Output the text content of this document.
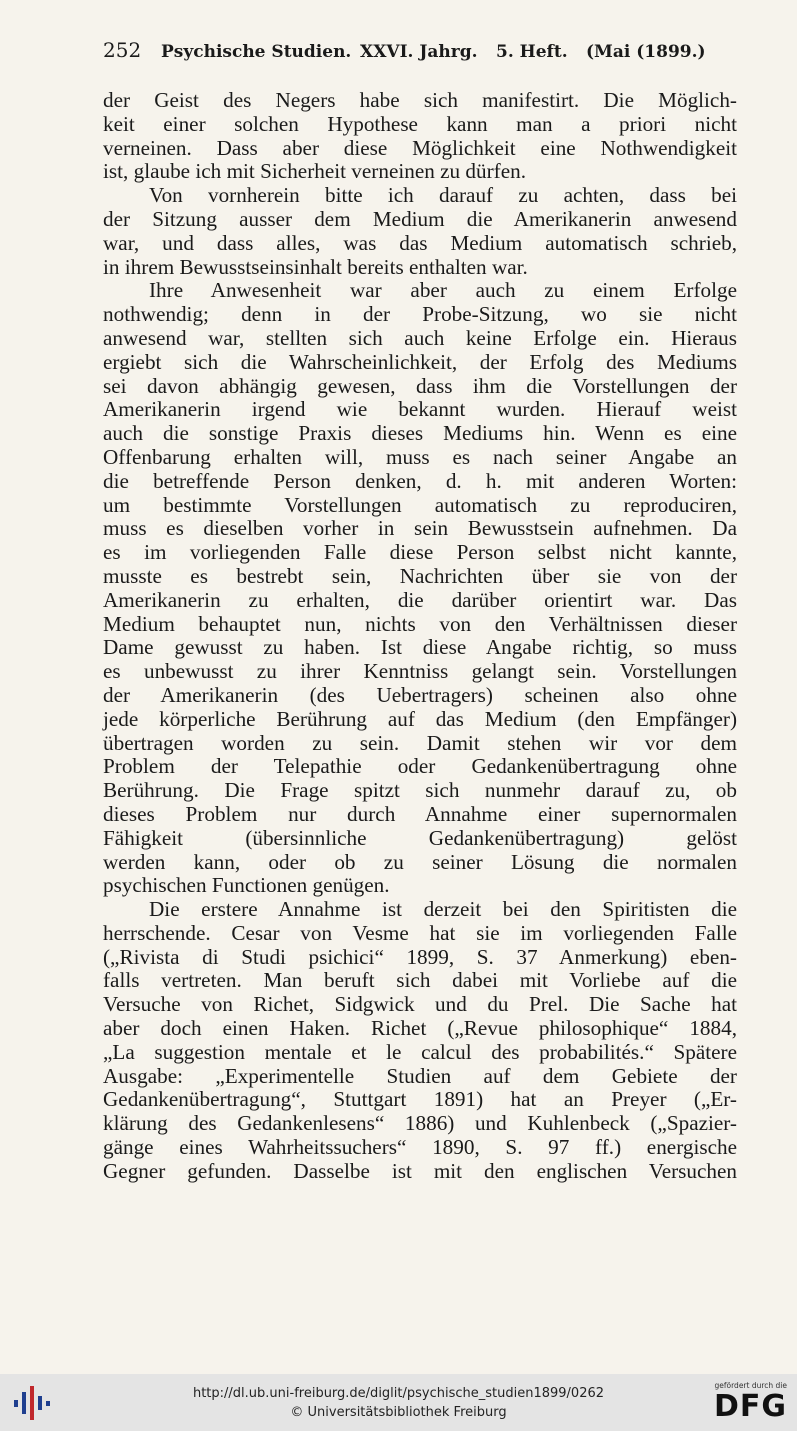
252 Psychische Studien. XXVI. Jahrg. 5. Heft. (Mai (1899.)
der Geist des Negers habe sich manifestirt. Die Möglich-
keit einer solchen Hypothese kann man a priori nicht
verneinen. Dass aber diese Möglichkeit eine Nothwendigkeit
ist, glaube ich mit Sicherheit verneinen zu dürfen.
Von vornherein bitte ich darauf zu achten, dass bei
der Sitzung ausser dem Medium die Amerikanerin anwesend
war, und dass alles, was das Medium automatisch schrieb,
in ihrem Bewusstseinsinhalt bereits enthalten war.
Ihre Anwesenheit war aber auch zu einem Erfolge
nothwendig; denn in der Probe-Sitzung, wo sie nicht
anwesend war, stellten sich auch keine Erfolge ein. Hieraus
ergiebt sich die Wahrscheinlichkeit, der Erfolg des Mediums
sei davon abhängig gewesen, dass ihm die Vorstellungen der
Amerikanerin irgend wie bekannt wurden. Hierauf weist
auch die sonstige Praxis dieses Mediums hin. Wenn es eine
Offenbarung erhalten will, muss es nach seiner Angabe an
die betreffende Person denken, d. h. mit anderen Worten:
um bestimmte Vorstellungen automatisch zu reproduciren,
muss es dieselben vorher in sein Bewusstsein aufnehmen. Da
es im vorliegenden Falle diese Person selbst nicht kannte,
musste es bestrebt sein, Nachrichten über sie von der
Amerikanerin zu erhalten, die darüber orientirt war. Das
Medium behauptet nun, nichts von den Verhältnissen dieser
Dame gewusst zu haben. Ist diese Angabe richtig, so muss
es unbewusst zu ihrer Kenntniss gelangt sein. Vorstellungen
der Amerikanerin (des Uebertragers) scheinen also ohne
jede körperliche Berührung auf das Medium (den Empfänger)
übertragen worden zu sein. Damit stehen wir vor dem
Problem der Telepathie oder Gedankenübertragung ohne
Berührung. Die Frage spitzt sich nunmehr darauf zu, ob
dieses Problem nur durch Annahme einer supernormalen
Fähigkeit (übersinnliche Gedankenübertragung) gelöst
werden kann, oder ob zu seiner Lösung die normalen
psychischen Functionen genügen.
Die erstere Annahme ist derzeit bei den Spiritisten die
herrschende. Cesar von Vesme hat sie im vorliegenden Falle
(„Rivista di Studi psichici“ 1899, S. 37 Anmerkung) eben-
falls vertreten. Man beruft sich dabei mit Vorliebe auf die
Versuche von Richet, Sidgwick und du Prel. Die Sache hat
aber doch einen Haken. Richet („Revue philosophique“ 1884,
„La suggestion mentale et le calcul des probabilités.“ Spätere
Ausgabe: „Experimentelle Studien auf dem Gebiete der
Gedankenübertragung“, Stuttgart 1891) hat an Preyer („Er-
klärung des Gedankenlesens“ 1886) und Kuhlenbeck („Spazier-
gänge eines Wahrheitssuchers“ 1890, S. 97 ff.) energische
Gegner gefunden. Dasselbe ist mit den englischen Versuchen
http://dl.ub.uni-freiburg.de/diglit/psychische_studien1899/0262
© Universitätsbibliothek Freiburg
gefördert durch die
DFG
